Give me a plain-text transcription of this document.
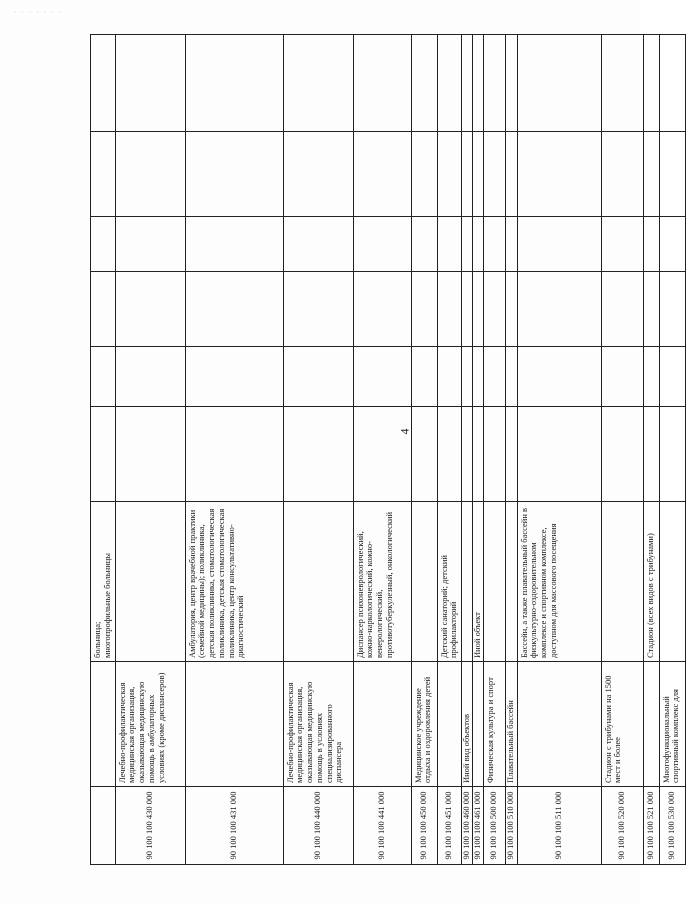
· · · · · · ·
4
		больница;
многопрофильные больницы						
90 100 100 430 000	Лечебно-профилактическая медицинская организация, оказывающая медицинскую помощь в амбулаторных условиях (кроме диспансеров)							
90 100 100 431 000		Амбулатория, центр врачебной практики (семейной медицины); поликлиника, детская поликлиника, стоматологическая поликлиника, детская стоматологическая поликлиника, центр консультативно-диагностический						
90 100 100 440 000	Лечебно-профилактическая медицинская организация, оказывающая медицинскую помощь в условиях специализированного диспансера							
90 100 100 441 000		Диспансер психоневрологический, кожно-наркологический, кожно-венерологический, противотуберкулезный, онкологический						
90 100 100 450 000	Медицинское учреждение отдыха и оздоровления детей							
90 100 100 451 000		Детский санаторий; детский профилакторий						
90 100 100 460 000	Иной вид объектов							
90 100 100 461 000		Иной объект						
90 100 100 500 000	Физическая культура и спорт							
90 100 100 510 000	Плавательный бассейн							
90 100 100 511 000		Бассейн, а также плавательный бассейн в физкультурно-оздоровительном комплексе и спортивном комплексе, доступном для массового посещения						
90 100 100 520 000	Стадион с трибунами на 1500 мест и более							
90 100 100 521 000		Стадион (всех видов с трибунами)						
90 100 100 530 000	Многофункциональный спортивный комплекс для							
